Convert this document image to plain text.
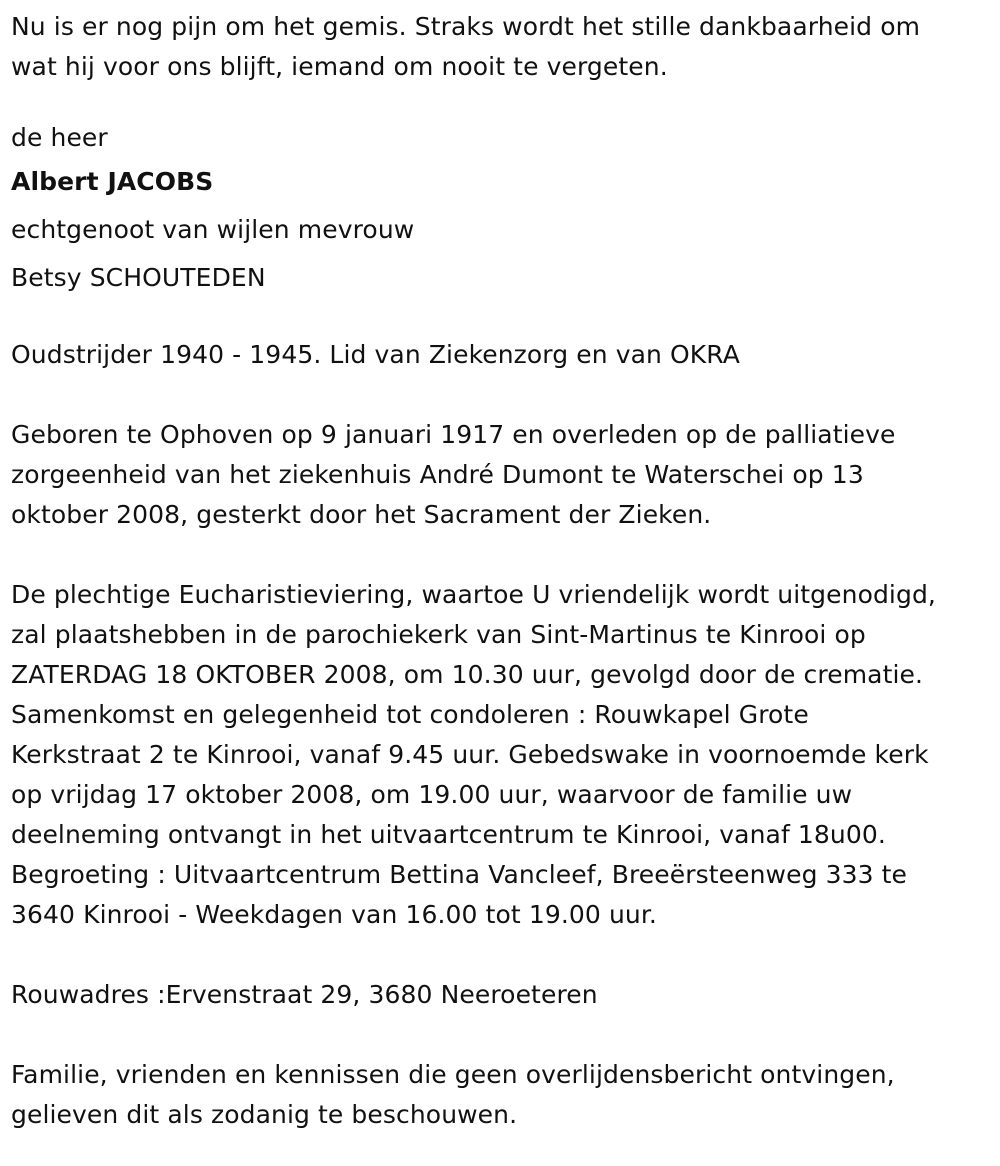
Nu is er nog pijn om het gemis. Straks wordt het stille dankbaarheid om
wat hij voor ons blijft, iemand om nooit te vergeten.
de heer
Albert JACOBS
echtgenoot van wijlen mevrouw
Betsy SCHOUTEDEN
Oudstrijder 1940 - 1945. Lid van Ziekenzorg en van OKRA
Geboren te Ophoven op 9 januari 1917 en overleden op de palliatieve
zorgeenheid van het ziekenhuis André Dumont te Waterschei op 13
oktober 2008, gesterkt door het Sacrament der Zieken.
De plechtige Eucharistieviering, waartoe U vriendelijk wordt uitgenodigd,
zal plaatshebben in de parochiekerk van Sint-Martinus te Kinrooi op
ZATERDAG 18 OKTOBER 2008, om 10.30 uur, gevolgd door de crematie.
Samenkomst en gelegenheid tot condoleren : Rouwkapel Grote
Kerkstraat 2 te Kinrooi, vanaf 9.45 uur. Gebedswake in voornoemde kerk
op vrijdag 17 oktober 2008, om 19.00 uur, waarvoor de familie uw
deelneming ontvangt in het uitvaartcentrum te Kinrooi, vanaf 18u00.
Begroeting : Uitvaartcentrum Bettina Vancleef, Breeërsteenweg 333 te
3640 Kinrooi - Weekdagen van 16.00 tot 19.00 uur.
Rouwadres :Ervenstraat 29, 3680 Neeroeteren
Familie, vrienden en kennissen die geen overlijdensbericht ontvingen,
gelieven dit als zodanig te beschouwen.
